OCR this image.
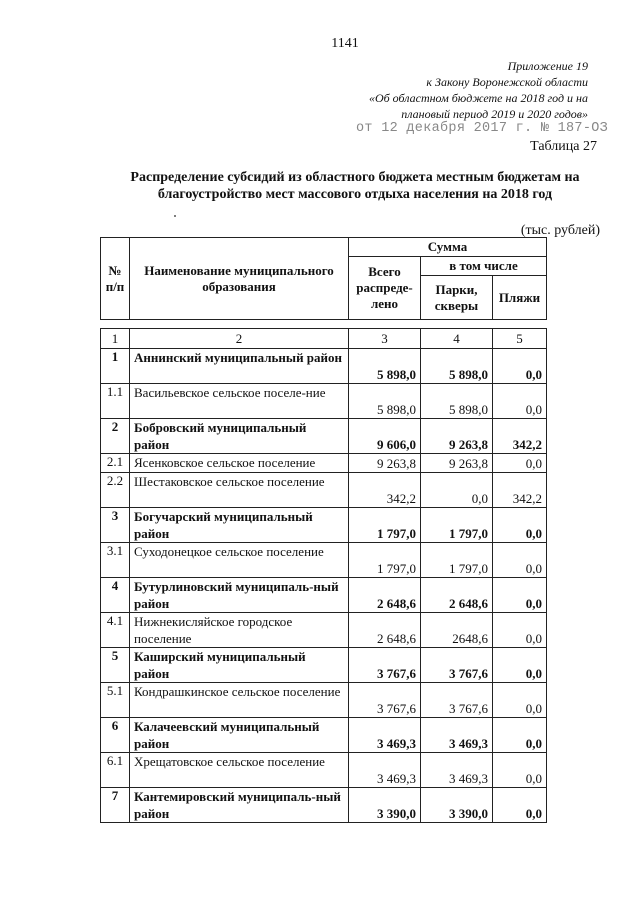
1141
Приложение 19
к Закону Воронежской области
«Об областном бюджете на 2018 год и на
плановый период 2019 и 2020 годов»
от 12 декабря 2017 г. № 187-ОЗ
Таблица 27
Распределение субсидий из областного бюджета местным бюджетам на
благоустройство мест массового отдыха населения на 2018 год
(тыс. рублей)
№ п/п	Наименование муниципального образования	Сумма		
		Всего распреде-лено	в том числе	
			Парки, скверы	Пляжи
1	2	3	4	5
1	Аннинский муниципальный район	5 898,0	5 898,0	0,0
1.1	Васильевское сельское поселе-ние	5 898,0	5 898,0	0,0
2	Бобровский муниципальный район	9 606,0	9 263,8	342,2
2.1	Ясенковское сельское поселение	9 263,8	9 263,8	0,0
2.2	Шестаковское сельское поселение	342,2	0,0	342,2
3	Богучарский муниципальный район	1 797,0	1 797,0	0,0
3.1	Суходонецкое сельское поселение	1 797,0	1 797,0	0,0
4	Бутурлиновский муниципаль-ный район	2 648,6	2 648,6	0,0
4.1	Нижнекисляйское городское поселение	2 648,6	2648,6	0,0
5	Каширский муниципальный район	3 767,6	3 767,6	0,0
5.1	Кондрашкинское сельское поселение	3 767,6	3 767,6	0,0
6	Калачеевский муниципальный район	3 469,3	3 469,3	0,0
6.1	Хрещатовское сельское поселение	3 469,3	3 469,3	0,0
7	Кантемировский муниципаль-ный район	3 390,0	3 390,0	0,0
